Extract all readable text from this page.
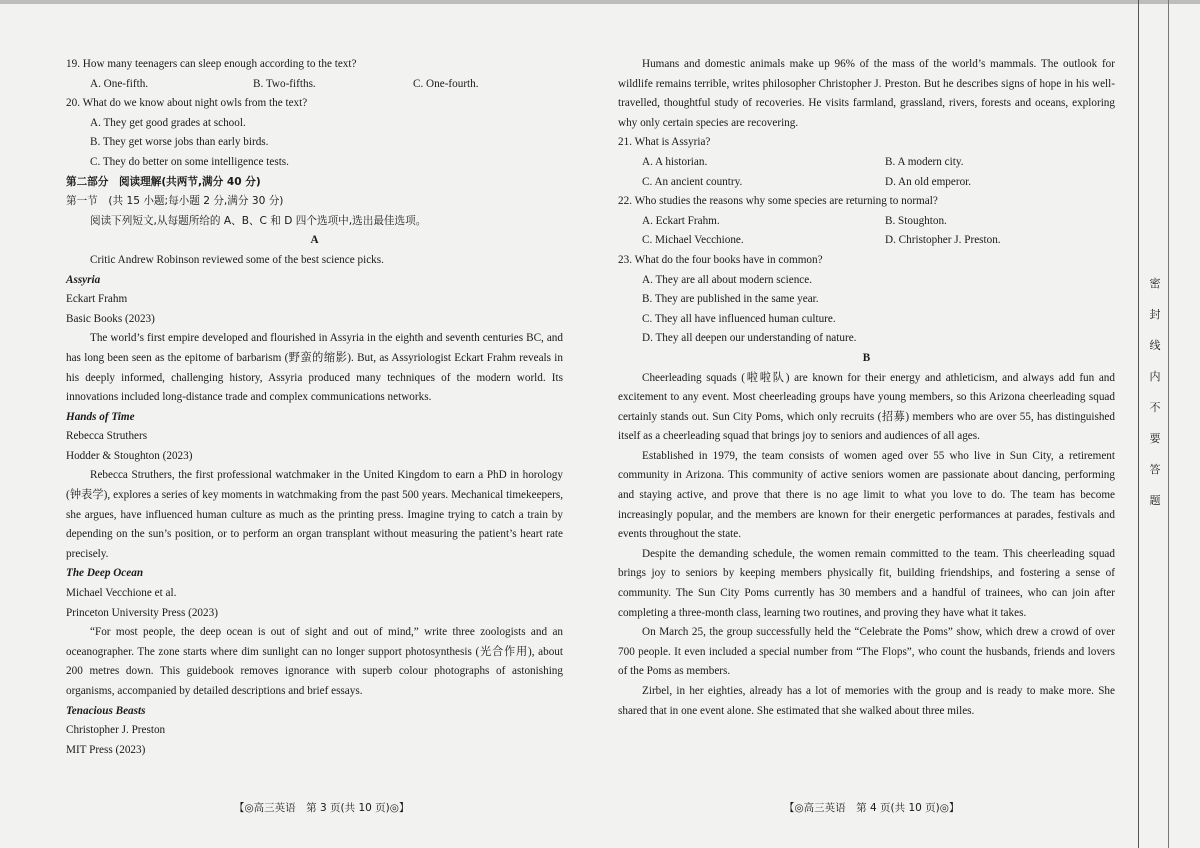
19. How many teenagers can sleep enough according to the text?

A. One-fifth.	B. Two-fifths.	C. One-fourth.

20. What do we know about night owls from the text?

A. They get good grades at school.

B. They get worse jobs than early birds.

C. They do better on some intelligence tests.

第二部分　阅读理解(共两节,满分 40 分)

第一节　(共 15 小题;每小题 2 分,满分 30 分)

阅读下列短文,从每题所给的 A、B、C 和 D 四个选项中,选出最佳选项。

A

Critic Andrew Robinson reviewed some of the best science picks.

Assyria

Eckart Frahm

Basic Books (2023)

The world’s first empire developed and flourished in Assyria in the eighth and seventh centuries BC, and has long been seen as the epitome of barbarism (野蛮的缩影). But, as Assyriologist Eckart Frahm reveals in his deeply informed, challenging history, Assyria produced many techniques of the modern world. Its innovations included long-distance trade and complex communications networks.

Hands of Time

Rebecca Struthers

Hodder & Stoughton (2023)

Rebecca Struthers, the first professional watchmaker in the United Kingdom to earn a PhD in horology (钟表学), explores a series of key moments in watchmaking from the past 500 years. Mechanical timekeepers, she argues, have influenced human culture as much as the printing press. Imagine trying to catch a train by depending on the sun’s position, or to perform an organ transplant without measuring the patient’s heart rate precisely.

The Deep Ocean

Michael Vecchione et al.

Princeton University Press (2023)

“For most people, the deep ocean is out of sight and out of mind,” write three zoologists and an oceanographer. The zone starts where dim sunlight can no longer support photosynthesis (光合作用), about 200 metres down. This guidebook removes ignorance with superb colour photographs of astonishing organisms, accompanied by detailed descriptions and brief essays.

Tenacious Beasts

Christopher J. Preston

MIT Press (2023)

Humans and domestic animals make up 96% of the mass of the world’s mammals. The outlook for wildlife remains terrible, writes philosopher Christopher J. Preston. But he describes signs of hope in his well-travelled, thoughtful study of recoveries. He visits farmland, grassland, rivers, forests and oceans, exploring why only certain species are recovering.

21. What is Assyria?

A. A historian.	B. A modern city.
C. An ancient country.	D. An old emperor.

22. Who studies the reasons why some species are returning to normal?

A. Eckart Frahm.	B. Stoughton.
C. Michael Vecchione.	D. Christopher J. Preston.

23. What do the four books have in common?

A. They are all about modern science.

B. They are published in the same year.

C. They all have influenced human culture.

D. They all deepen our understanding of nature.

B

Cheerleading squads (啦啦队) are known for their energy and athleticism, and always add fun and excitement to any event. Most cheerleading groups have young members, so this Arizona cheerleading squad certainly stands out. Sun City Poms, which only recruits (招募) members who are over 55, has distinguished itself as a cheerleading squad that brings joy to seniors and audiences of all ages.

Established in 1979, the team consists of women aged over 55 who live in Sun City, a retirement community in Arizona. This community of active seniors women are passionate about dancing, performing and staying active, and prove that there is no age limit to what you love to do. The team has become increasingly popular, and the members are known for their energetic performances at parades, festivals and events throughout the state.

Despite the demanding schedule, the women remain committed to the team. This cheerleading squad brings joy to seniors by keeping members physically fit, building friendships, and fostering a sense of community. The Sun City Poms currently has 30 members and a handful of trainees, who can join after completing a three-month class, learning two routines, and proving they have what it takes.

On March 25, the group successfully held the “Celebrate the Poms” show, which drew a crowd of over 700 people. It even included a special number from “The Flops”, who count the husbands, friends and lovers of the Poms as members.

Zirbel, in her eighties, already has a lot of memories with the group and is ready to make more. She shared that in one event alone. She estimated that she walked about three miles.

【◎高三英语　第 3 页(共 10 页)◎】	【◎高三英语　第 4 页(共 10 页)◎】
密
封
线
内
不
要
答
题
